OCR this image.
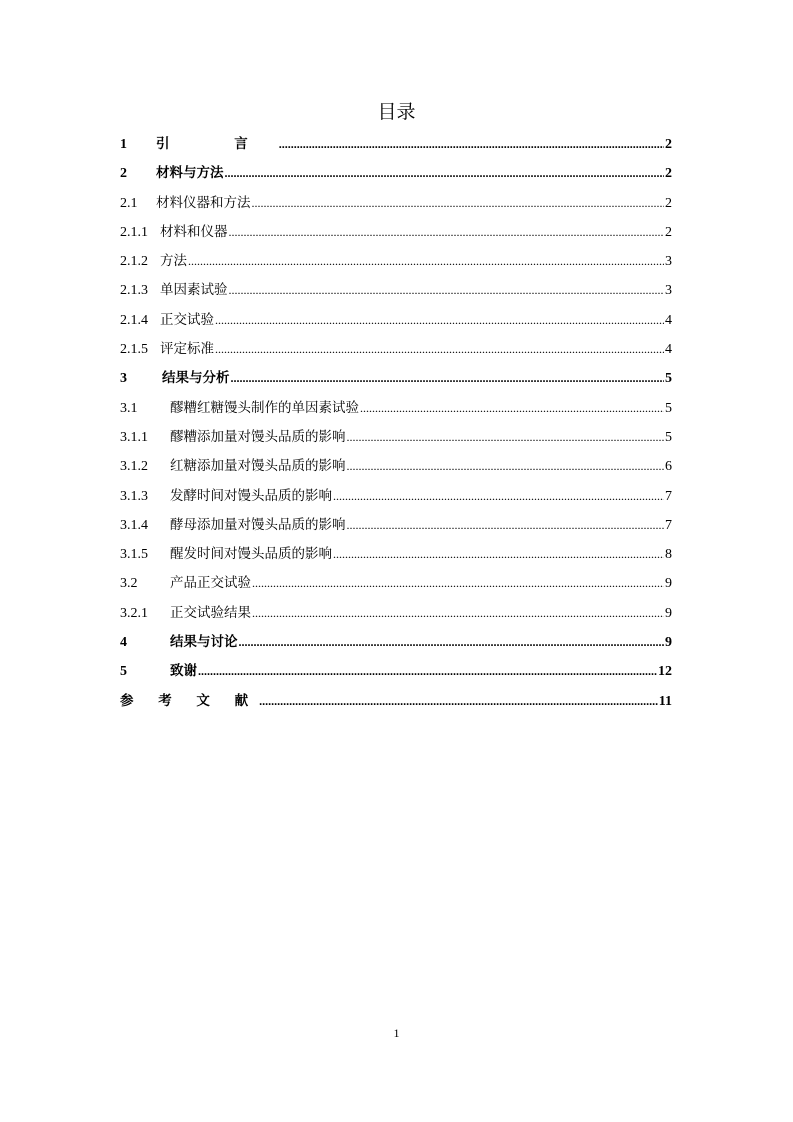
目录
1	引 言 .....	2
2	材料与方法 .....	2
2.1	材料仪器和方法 .....	2
2.1.1 材料和仪器 .....	2
2.1.2 方法 .....	3
2.1.3 单因素试验 .....	3
2.1.4 正交试验 .....	4
2.1.5 评定标准 .....	4
3	结果与分析 .....	5
3.1	醪糟红糖馒头制作的单因素试验 .....	5
3.1.1	醪糟添加量对馒头品质的影响 .....	5
3.1.2	红糖添加量对馒头品质的影响 .....	6
3.1.3	发酵时间对馒头品质的影响 .....	7
3.1.4	酵母添加量对馒头品质的影响 .....	7
3.1.5	醒发时间对馒头品质的影响 .....	8
3.2	产品正交试验 .....	9
3.2.1	正交试验结果 .....	9
4	结果与讨论 .....	9
5	致谢 .....	12
参 考 文 献 .....	11
1
